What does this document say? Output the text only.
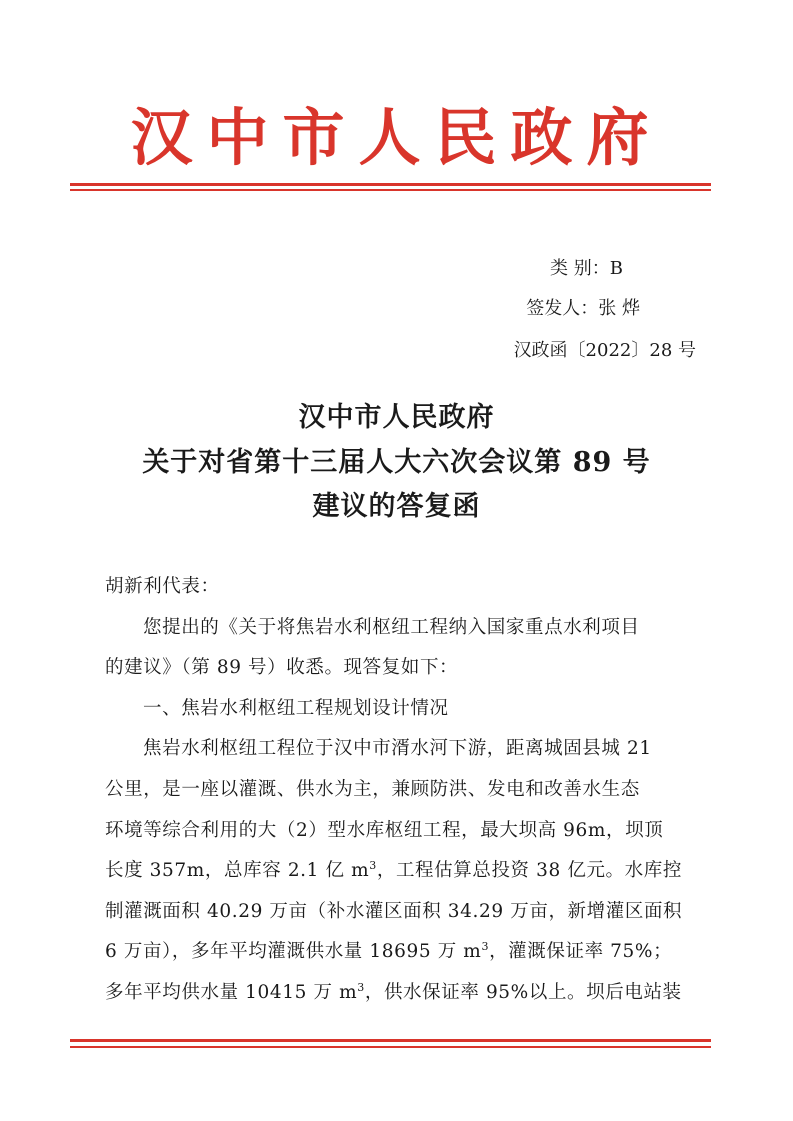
汉中市人民政府
类 别：B
签发人：张 烨
汉政函〔2022〕28 号
汉中市人民政府
关于对省第十三届人大六次会议第 89 号
建议的答复函
胡新利代表：
您提出的《关于将焦岩水利枢纽工程纳入国家重点水利项目
的建议》（第 89 号）收悉。现答复如下：
一、焦岩水利枢纽工程规划设计情况
焦岩水利枢纽工程位于汉中市湑水河下游，距离城固县城 21
公里，是一座以灌溉、供水为主，兼顾防洪、发电和改善水生态
环境等综合利用的大（2）型水库枢纽工程，最大坝高 96m，坝顶
长度 357m，总库容 2.1 亿 $m^3$，工程估算总投资 38 亿元。水库控
制灌溉面积 40.29 万亩（补水灌区面积 34.29 万亩，新增灌区面积
6 万亩），多年平均灌溉供水量 18695 万 $m^3$，灌溉保证率 75%；
多年平均供水量 10415 万 $m^3$，供水保证率 95%以上。坝后电站装
